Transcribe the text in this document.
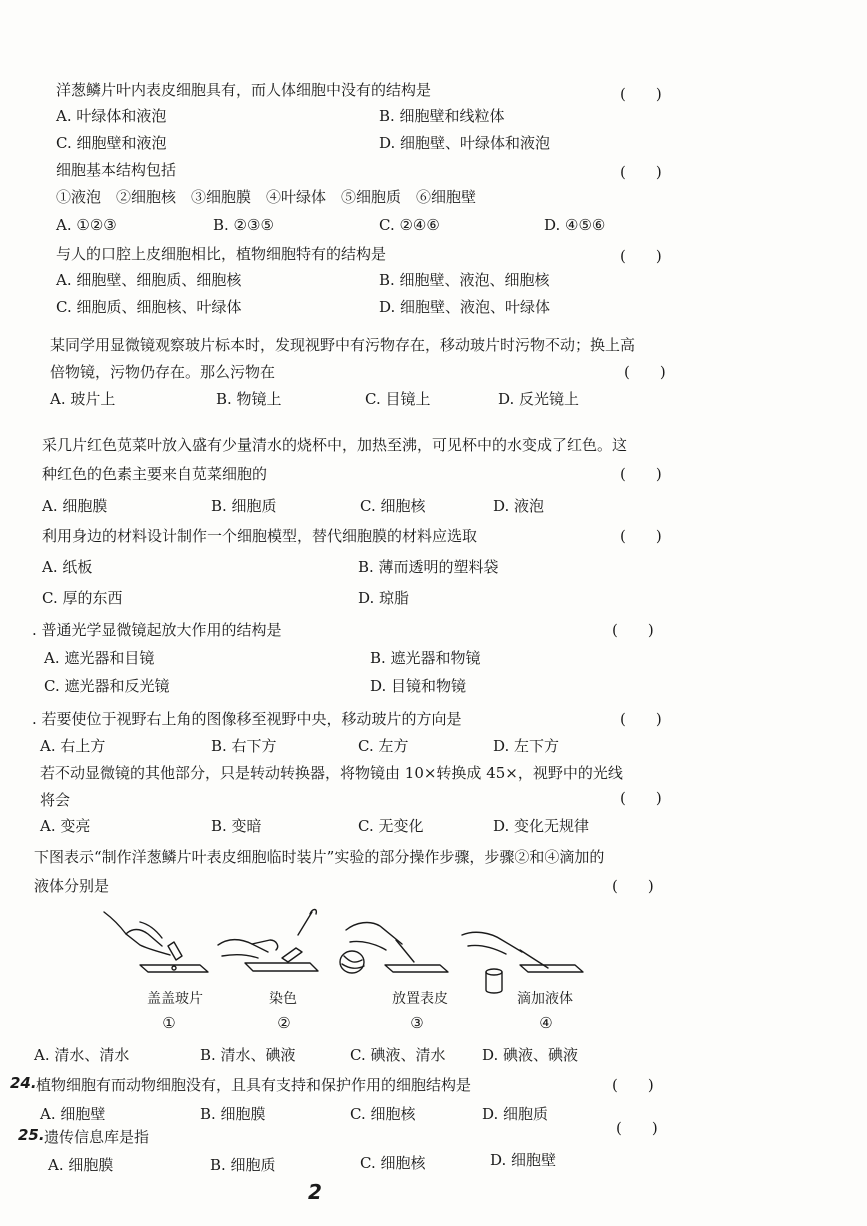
洋葱鳞片叶内表皮细胞具有，而人体细胞中没有的结构是	(　　)
A. 叶绿体和液泡	B. 细胞壁和线粒体
C. 细胞壁和液泡	D. 细胞壁、叶绿体和液泡
细胞基本结构包括	(　　)
①液泡　②细胞核　③细胞膜　④叶绿体　⑤细胞质　⑥细胞壁
A. ①②③	B. ②③⑤	C. ②④⑥	D. ④⑤⑥
与人的口腔上皮细胞相比，植物细胞特有的结构是	(　　)
A. 细胞壁、细胞质、细胞核	B. 细胞壁、液泡、细胞核
C. 细胞质、细胞核、叶绿体	D. 细胞壁、液泡、叶绿体
某同学用显微镜观察玻片标本时，发现视野中有污物存在，移动玻片时污物不动；换上高
倍物镜，污物仍存在。那么污物在	(　　)
A. 玻片上	B. 物镜上	C. 目镜上	D. 反光镜上
采几片红色苋菜叶放入盛有少量清水的烧杯中，加热至沸，可见杯中的水变成了红色。这
种红色的色素主要来自苋菜细胞的	(　　)
A. 细胞膜	B. 细胞质	C. 细胞核	D. 液泡
利用身边的材料设计制作一个细胞模型，替代细胞膜的材料应选取	(　　)
A. 纸板	B. 薄而透明的塑料袋
C. 厚的东西	D. 琼脂
. 普通光学显微镜起放大作用的结构是	(　　)
A. 遮光器和目镜	B. 遮光器和物镜
C. 遮光器和反光镜	D. 目镜和物镜
. 若要使位于视野右上角的图像移至视野中央，移动玻片的方向是	(　　)
A. 右上方	B. 右下方	C. 左方	D. 左下方
若不动显微镜的其他部分，只是转动转换器，将物镜由 10×转换成 45×，视野中的光线
将会	(　　)
A. 变亮	B. 变暗	C. 无变化	D. 变化无规律
下图表示“制作洋葱鳞片叶表皮细胞临时装片”实验的部分操作步骤，步骤②和④滴加的
液体分别是	(　　)
盖盖玻片	染色	放置表皮	滴加液体
①	②	③	④
A. 清水、清水	B. 清水、碘液	C. 碘液、清水 D. 碘液、碘液
24. 植物细胞有而动物细胞没有，且具有支持和保护作用的细胞结构是	(　　)
A. 细胞壁	B. 细胞膜	C. 细胞核	D. 细胞质
25. 遗传信息库是指	(　　)
A. 细胞膜	B. 细胞质	C. 细胞核	D. 细胞壁
2
